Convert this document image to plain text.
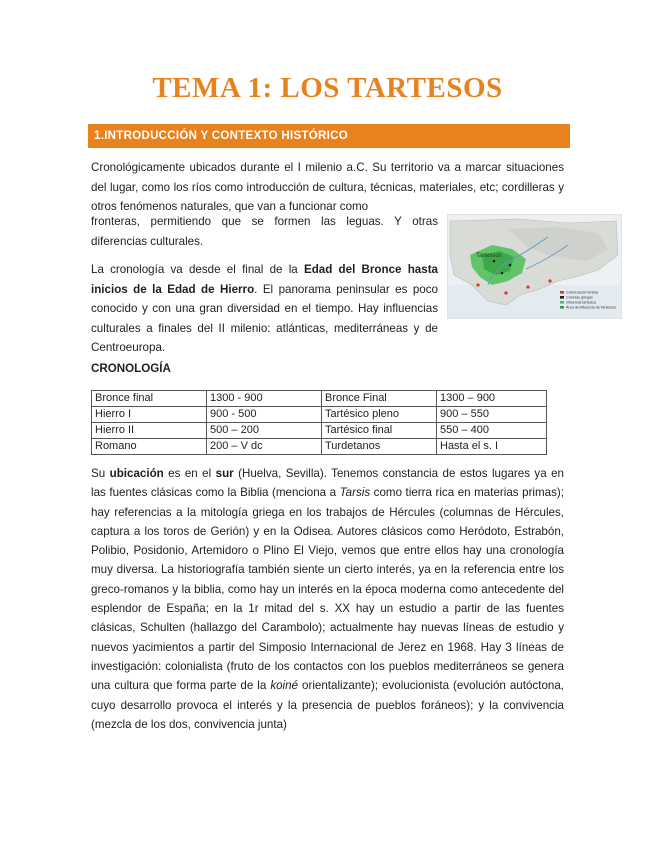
TEMA 1: LOS TARTESOS
1.INTRODUCCIÓN Y CONTEXTO HISTÓRICO

Cronológicamente ubicados durante el I milenio a.C. Su territorio va a marcar situaciones del lugar, como los ríos como introducción de cultura, técnicas, materiales, etc; cordilleras y otros fenómenos naturales, que van a funcionar como

fronteras, permitiendo que se formen las leguas. Y otras diferencias culturales.

La cronología va desde el final de la Edad del Bronce hasta inicios de la Edad de Hierro. El panorama peninsular es poco conocido y con una gran diversidad en el tiempo. Hay influencias culturales a finales del II milenio: atlánticas, mediterráneas y de Centroeuropa.

Tartessos
Colonización fenicia
Colonias griegas
Influencia tartésica
Área de influencia de Tartessos
CRONOLOGÍA
Bronce final	1300 - 900	Bronce Final	1300 – 900
Hierro I	900 - 500	Tartésico pleno	900 – 550
Hierro II	500 – 200	Tartésico final	550 – 400
Romano	200 – V dc	Turdetanos	Hasta el s. I

Su ubicación es en el sur (Huelva, Sevilla). Tenemos constancia de estos lugares ya en las fuentes clásicas como la Biblia (menciona a Tarsis como tierra rica en materias primas); hay referencias a la mitología griega en los trabajos de Hércules (columnas de Hércules, captura a los toros de Gerión) y en la Odisea. Autores clásicos como Heródoto, Estrabón, Polibio, Posidonio, Artemidoro o Plino El Viejo, vemos que entre ellos hay una cronología muy diversa. La historiografía también siente un cierto interés, ya en la referencia entre los greco-romanos y la biblia, como hay un interés en la época moderna como antecedente del esplendor de España; en la 1r mitad del s. XX hay un estudio a partir de las fuentes clásicas, Schulten (hallazgo del Carambolo); actualmente hay nuevas líneas de estudio y nuevos yacimientos a partir del Simposio Internacional de Jerez en 1968. Hay 3 líneas de investigación: colonialista (fruto de los contactos con los pueblos mediterráneos se genera una cultura que forma parte de la koiné orientalizante); evolucionista (evolución autóctona, cuyo desarrollo provoca el interés y la presencia de pueblos foráneos); y la convivencia (mezcla de los dos, convivencia junta)
